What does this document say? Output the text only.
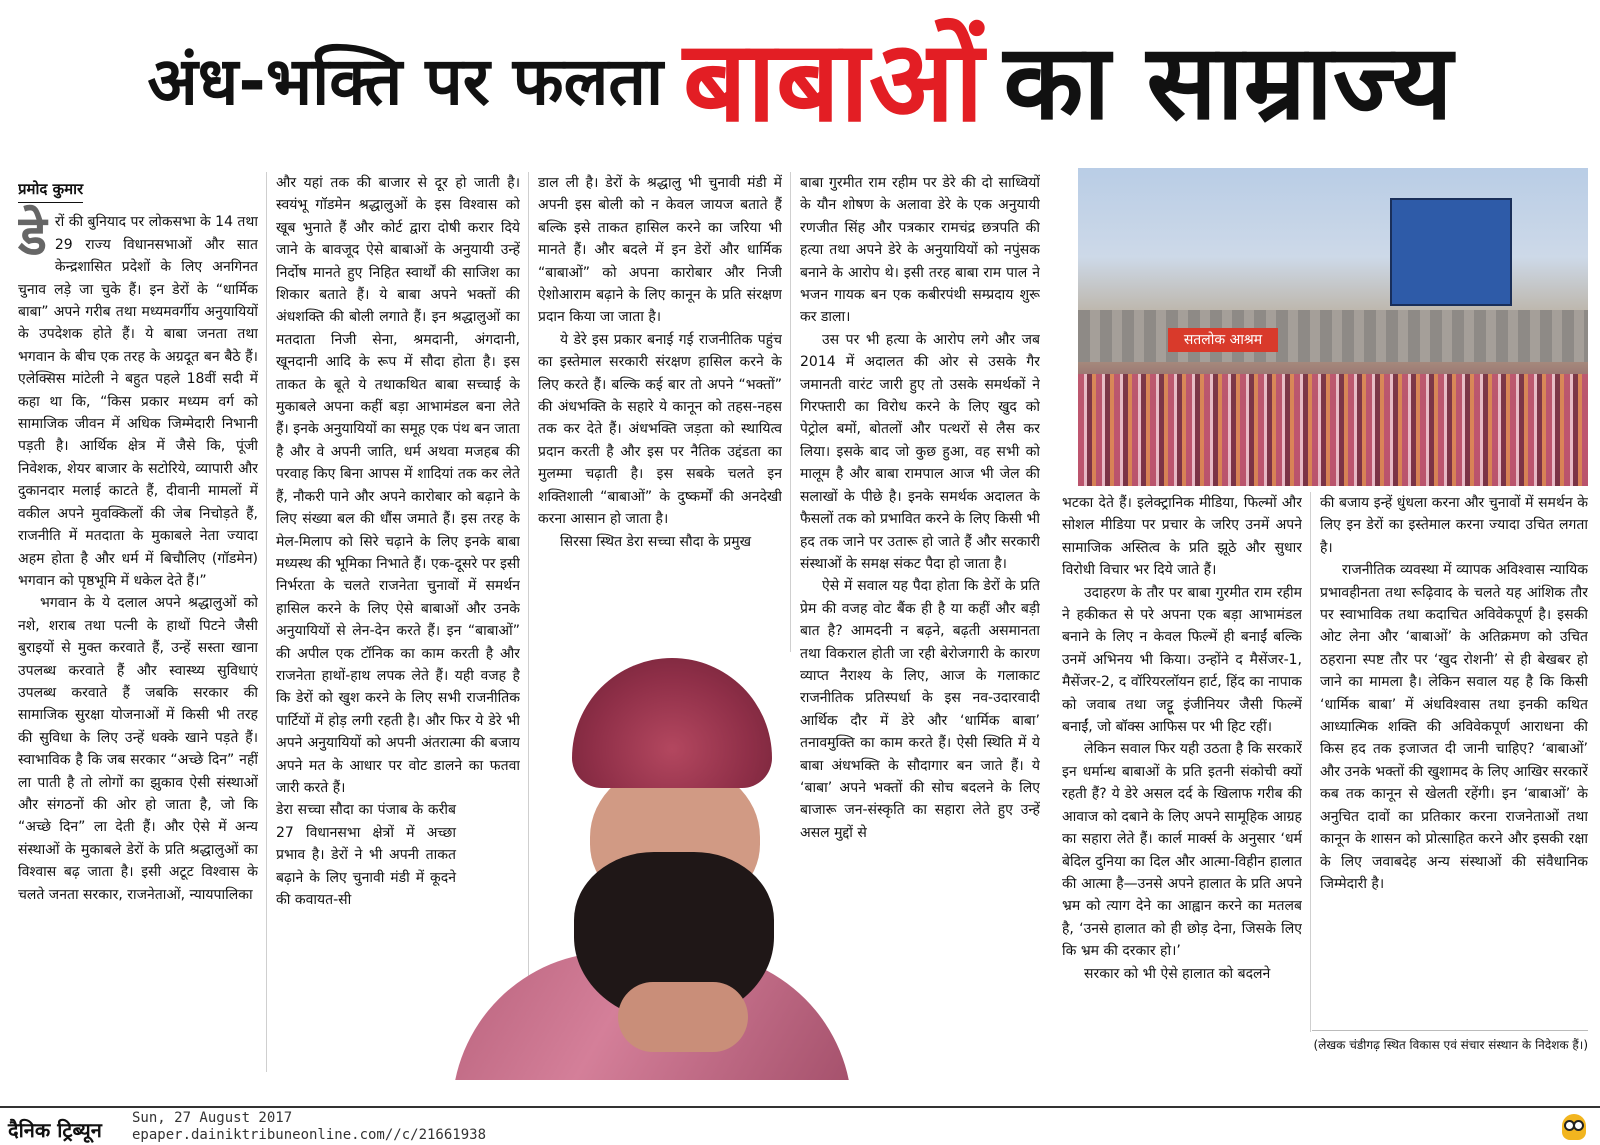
अंध-भक्ति पर फलता बाबाओं का साम्राज्य

प्रमोद कुमार

डेरों की बुनियाद पर लोकसभा के 14 तथा 29 राज्य विधानसभाओं और सात केन्द्रशासित प्रदेशों के लिए अनगिनत चुनाव लड़े जा चुके हैं। इन डेरों के “धार्मिक बाबा” अपने गरीब तथा मध्यमवर्गीय अनुयायियों के उपदेशक होते हैं। ये बाबा जनता तथा भगवान के बीच एक तरह के अग्रदूत बन बैठे हैं। एलेक्सिस मांटेली ने बहुत पहले 18वीं सदी में कहा था कि, “किस प्रकार मध्यम वर्ग को सामाजिक जीवन में अधिक जिम्मेदारी निभानी पड़ती है। आर्थिक क्षेत्र में जैसे कि, पूंजी निवेशक, शेयर बाजार के सटोरिये, व्यापारी और दुकानदार मलाई काटते हैं, दीवानी मामलों में वकील अपने मुवक्किलों की जेब निचोड़ते हैं, राजनीति में मतदाता के मुकाबले नेता ज्यादा अहम होता है और धर्म में बिचौलिए (गॉडमेन) भगवान को पृष्ठभूमि में धकेल देते हैं।”

भगवान के ये दलाल अपने श्रद्धालुओं को नशे, शराब तथा पत्नी के हाथों पिटने जैसी बुराइयों से मुक्त करवाते हैं, उन्हें सस्ता खाना उपलब्ध करवाते हैं और स्वास्थ्य सुविधाएं उपलब्ध करवाते हैं जबकि सरकार की सामाजिक सुरक्षा योजनाओं में किसी भी तरह की सुविधा के लिए उन्हें धक्के खाने पड़ते हैं। स्वाभाविक है कि जब सरकार “अच्छे दिन” नहीं ला पाती है तो लोगों का झुकाव ऐसी संस्थाओं और संगठनों की ओर हो जाता है, जो कि “अच्छे दिन” ला देती हैं। और ऐसे में अन्य संस्थाओं के मुकाबले डेरों के प्रति श्रद्धालुओं का विश्वास बढ़ जाता है। इसी अटूट विश्वास के चलते जनता सरकार, राजनेताओं, न्यायपालिका

और यहां तक की बाजार से दूर हो जाती है। स्वयंभू गॉडमेन श्रद्धालुओं के इस विश्वास को खूब भुनाते हैं और कोर्ट द्वारा दोषी करार दिये जाने के बावजूद ऐसे बाबाओं के अनुयायी उन्हें निर्दोष मानते हुए निहित स्वार्थों की साजिश का शिकार बताते हैं। ये बाबा अपने भक्तों की अंधशक्ति की बोली लगाते हैं। इन श्रद्धालुओं का मतदाता निजी सेना, श्रमदानी, अंगदानी, खूनदानी आदि के रूप में सौदा होता है। इस ताकत के बूते ये तथाकथित बाबा सच्चाई के मुकाबले अपना कहीं बड़ा आभामंडल बना लेते हैं। इनके अनुयायियों का समूह एक पंथ बन जाता है और वे अपनी जाति, धर्म अथवा मजहब की परवाह किए बिना आपस में शादियां तक कर लेते हैं, नौकरी पाने और अपने कारोबार को बढ़ाने के लिए संख्या बल की धौंस जमाते हैं। इस तरह के मेल-मिलाप को सिरे चढ़ाने के लिए इनके बाबा मध्यस्थ की भूमिका निभाते हैं। एक-दूसरे पर इसी निर्भरता के चलते राजनेता चुनावों में समर्थन हासिल करने के लिए ऐसे बाबाओं और उनके अनुयायियों से लेन-देन करते हैं। इन “बाबाओं” की अपील एक टॉनिक का काम करती है और राजनेता हाथों-हाथ लपक लेते हैं। यही वजह है कि डेरों को खुश करने के लिए सभी राजनीतिक पार्टियों में होड़ लगी रहती है। और फिर ये डेरे भी अपने अनुयायियों को अपनी अंतरात्मा की बजाय अपने मत के आधार पर वोट डालने का फतवा जारी करते हैं।

डेरा सच्चा सौदा का पंजाब के करीब 27 विधानसभा क्षेत्रों में अच्छा प्रभाव है। डेरों ने भी अपनी ताकत बढ़ाने के लिए चुनावी मंडी में कूदने की कवायत-सी

डाल ली है। डेरों के श्रद्धालु भी चुनावी मंडी में अपनी इस बोली को न केवल जायज बताते हैं बल्कि इसे ताकत हासिल करने का जरिया भी मानते हैं। और बदले में इन डेरों और धार्मिक “बाबाओं” को अपना कारोबार और निजी ऐशोआराम बढ़ाने के लिए कानून के प्रति संरक्षण प्रदान किया जा जाता है।

ये डेरे इस प्रकार बनाई गई राजनीतिक पहुंच का इस्तेमाल सरकारी संरक्षण हासिल करने के लिए करते हैं। बल्कि कई बार तो अपने “भक्तों” की अंधभक्ति के सहारे ये कानून को तहस-नहस तक कर देते हैं। अंधभक्ति जड़ता को स्थायित्व प्रदान करती है और इस पर नैतिक उद्दंडता का मुलम्मा चढ़ाती है। इस सबके चलते इन शक्तिशाली “बाबाओं” के दुष्कर्मों की अनदेखी करना आसान हो जाता है।

सिरसा स्थित डेरा सच्चा सौदा के प्रमुख

बाबा गुरमीत राम रहीम पर डेरे की दो साध्वियों के यौन शोषण के अलावा डेरे के एक अनुयायी रणजीत सिंह और पत्रकार रामचंद्र छत्रपति की हत्या तथा अपने डेरे के अनुयायियों को नपुंसक बनाने के आरोप थे। इसी तरह बाबा राम पाल ने भजन गायक बन एक कबीरपंथी सम्प्रदाय शुरू कर डाला।

उस पर भी हत्या के आरोप लगे और जब 2014 में अदालत की ओर से उसके गैर जमानती वारंट जारी हुए तो उसके समर्थकों ने गिरफ्तारी का विरोध करने के लिए खुद को पेट्रोल बमों, बोतलों और पत्थरों से लैस कर लिया। इसके बाद जो कुछ हुआ, वह सभी को मालूम है और बाबा रामपाल आज भी जेल की सलाखों के पीछे है। इनके समर्थक अदालत के फैसलों तक को प्रभावित करने के लिए किसी भी हद तक जाने पर उतारू हो जाते हैं और सरकारी संस्थाओं के समक्ष संकट पैदा हो जाता है।

ऐसे में सवाल यह पैदा होता कि डेरों के प्रति प्रेम की वजह वोट बैंक ही है या कहीं और बड़ी बात है? आमदनी न बढ़ने, बढ़ती असमानता तथा विकराल होती जा रही बेरोजगारी के कारण व्याप्त नैराश्य के लिए, आज के गलाकाट राजनीतिक प्रतिस्पर्धा के इस नव-उदारवादी आर्थिक दौर में डेरे और ‘धार्मिक बाबा’ तनावमुक्ति का काम करते हैं। ऐसी स्थिति में ये बाबा अंधभक्ति के सौदागार बन जाते हैं। ये ‘बाबा’ अपने भक्तों की सोच बदलने के लिए बाजारू जन-संस्कृति का सहारा लेते हुए उन्हें असल मुद्दों से

सतलोक आश्रम

भटका देते हैं। इलेक्ट्रानिक मीडिया, फिल्मों और सोशल मीडिया पर प्रचार के जरिए उनमें अपने सामाजिक अस्तित्व के प्रति झूठे और सुधार विरोधी विचार भर दिये जाते हैं।

उदाहरण के तौर पर बाबा गुरमीत राम रहीम ने हकीकत से परे अपना एक बड़ा आभामंडल बनाने के लिए न केवल फिल्में ही बनाईं बल्कि उनमें अभिनय भी किया। उन्होंने द मैसेंजर-1, मैसेंजर-2, द वॉरियरलॉयन हार्ट, हिंद का नापाक को जवाब तथा जट्टू इंजीनियर जैसी फिल्में बनाईं, जो बॉक्स आफिस पर भी हिट रहीं।

लेकिन सवाल फिर यही उठता है कि सरकारें इन धर्मान्ध बाबाओं के प्रति इतनी संकोची क्यों रहती हैं? ये डेरे असल दर्द के खिलाफ गरीब की आवाज को दबाने के लिए अपने सामूहिक आग्रह का सहारा लेते हैं। कार्ल मार्क्स के अनुसार ‘धर्म बेदिल दुनिया का दिल और आत्मा-विहीन हालात की आत्मा है—उनसे अपने हालात के प्रति अपने भ्रम को त्याग देने का आह्वान करने का मतलब है, ‘उनसे हालात को ही छोड़ देना, जिसके लिए कि भ्रम की दरकार हो।’

सरकार को भी ऐसे हालात को बदलने

की बजाय इन्हें धुंधला करना और चुनावों में समर्थन के लिए इन डेरों का इस्तेमाल करना ज्यादा उचित लगता है।

राजनीतिक व्यवस्था में व्यापक अविश्वास न्यायिक प्रभावहीनता तथा रूढ़िवाद के चलते यह आंशिक तौर पर स्वाभाविक तथा कदाचित अविवेकपूर्ण है। इसकी ओट लेना और ‘बाबाओं’ के अतिक्रमण को उचित ठहराना स्पष्ट तौर पर ‘खुद रोशनी’ से ही बेखबर हो जाने का मामला है। लेकिन सवाल यह है कि किसी ‘धार्मिक बाबा’ में अंधविश्वास तथा इनकी कथित आध्यात्मिक शक्ति की अविवेकपूर्ण आराधना की किस हद तक इजाजत दी जानी चाहिए? ‘बाबाओं’ और उनके भक्तों की खुशामद के लिए आखिर सरकारें कब तक कानून से खेलती रहेंगी। इन ‘बाबाओं’ के अनुचित दावों का प्रतिकार करना राजनेताओं तथा कानून के शासन को प्रोत्साहित करने और इसकी रक्षा के लिए जवाबदेह अन्य संस्थाओं की संवैधानिक जिम्मेदारी है।

(लेखक चंडीगढ़ स्थित विकास एवं संचार संस्थान के निदेशक हैं।)
दैनिक ट्रिब्यून Sun, 27 August 2017
epaper.dainiktribuneonline.com//c/21661938
